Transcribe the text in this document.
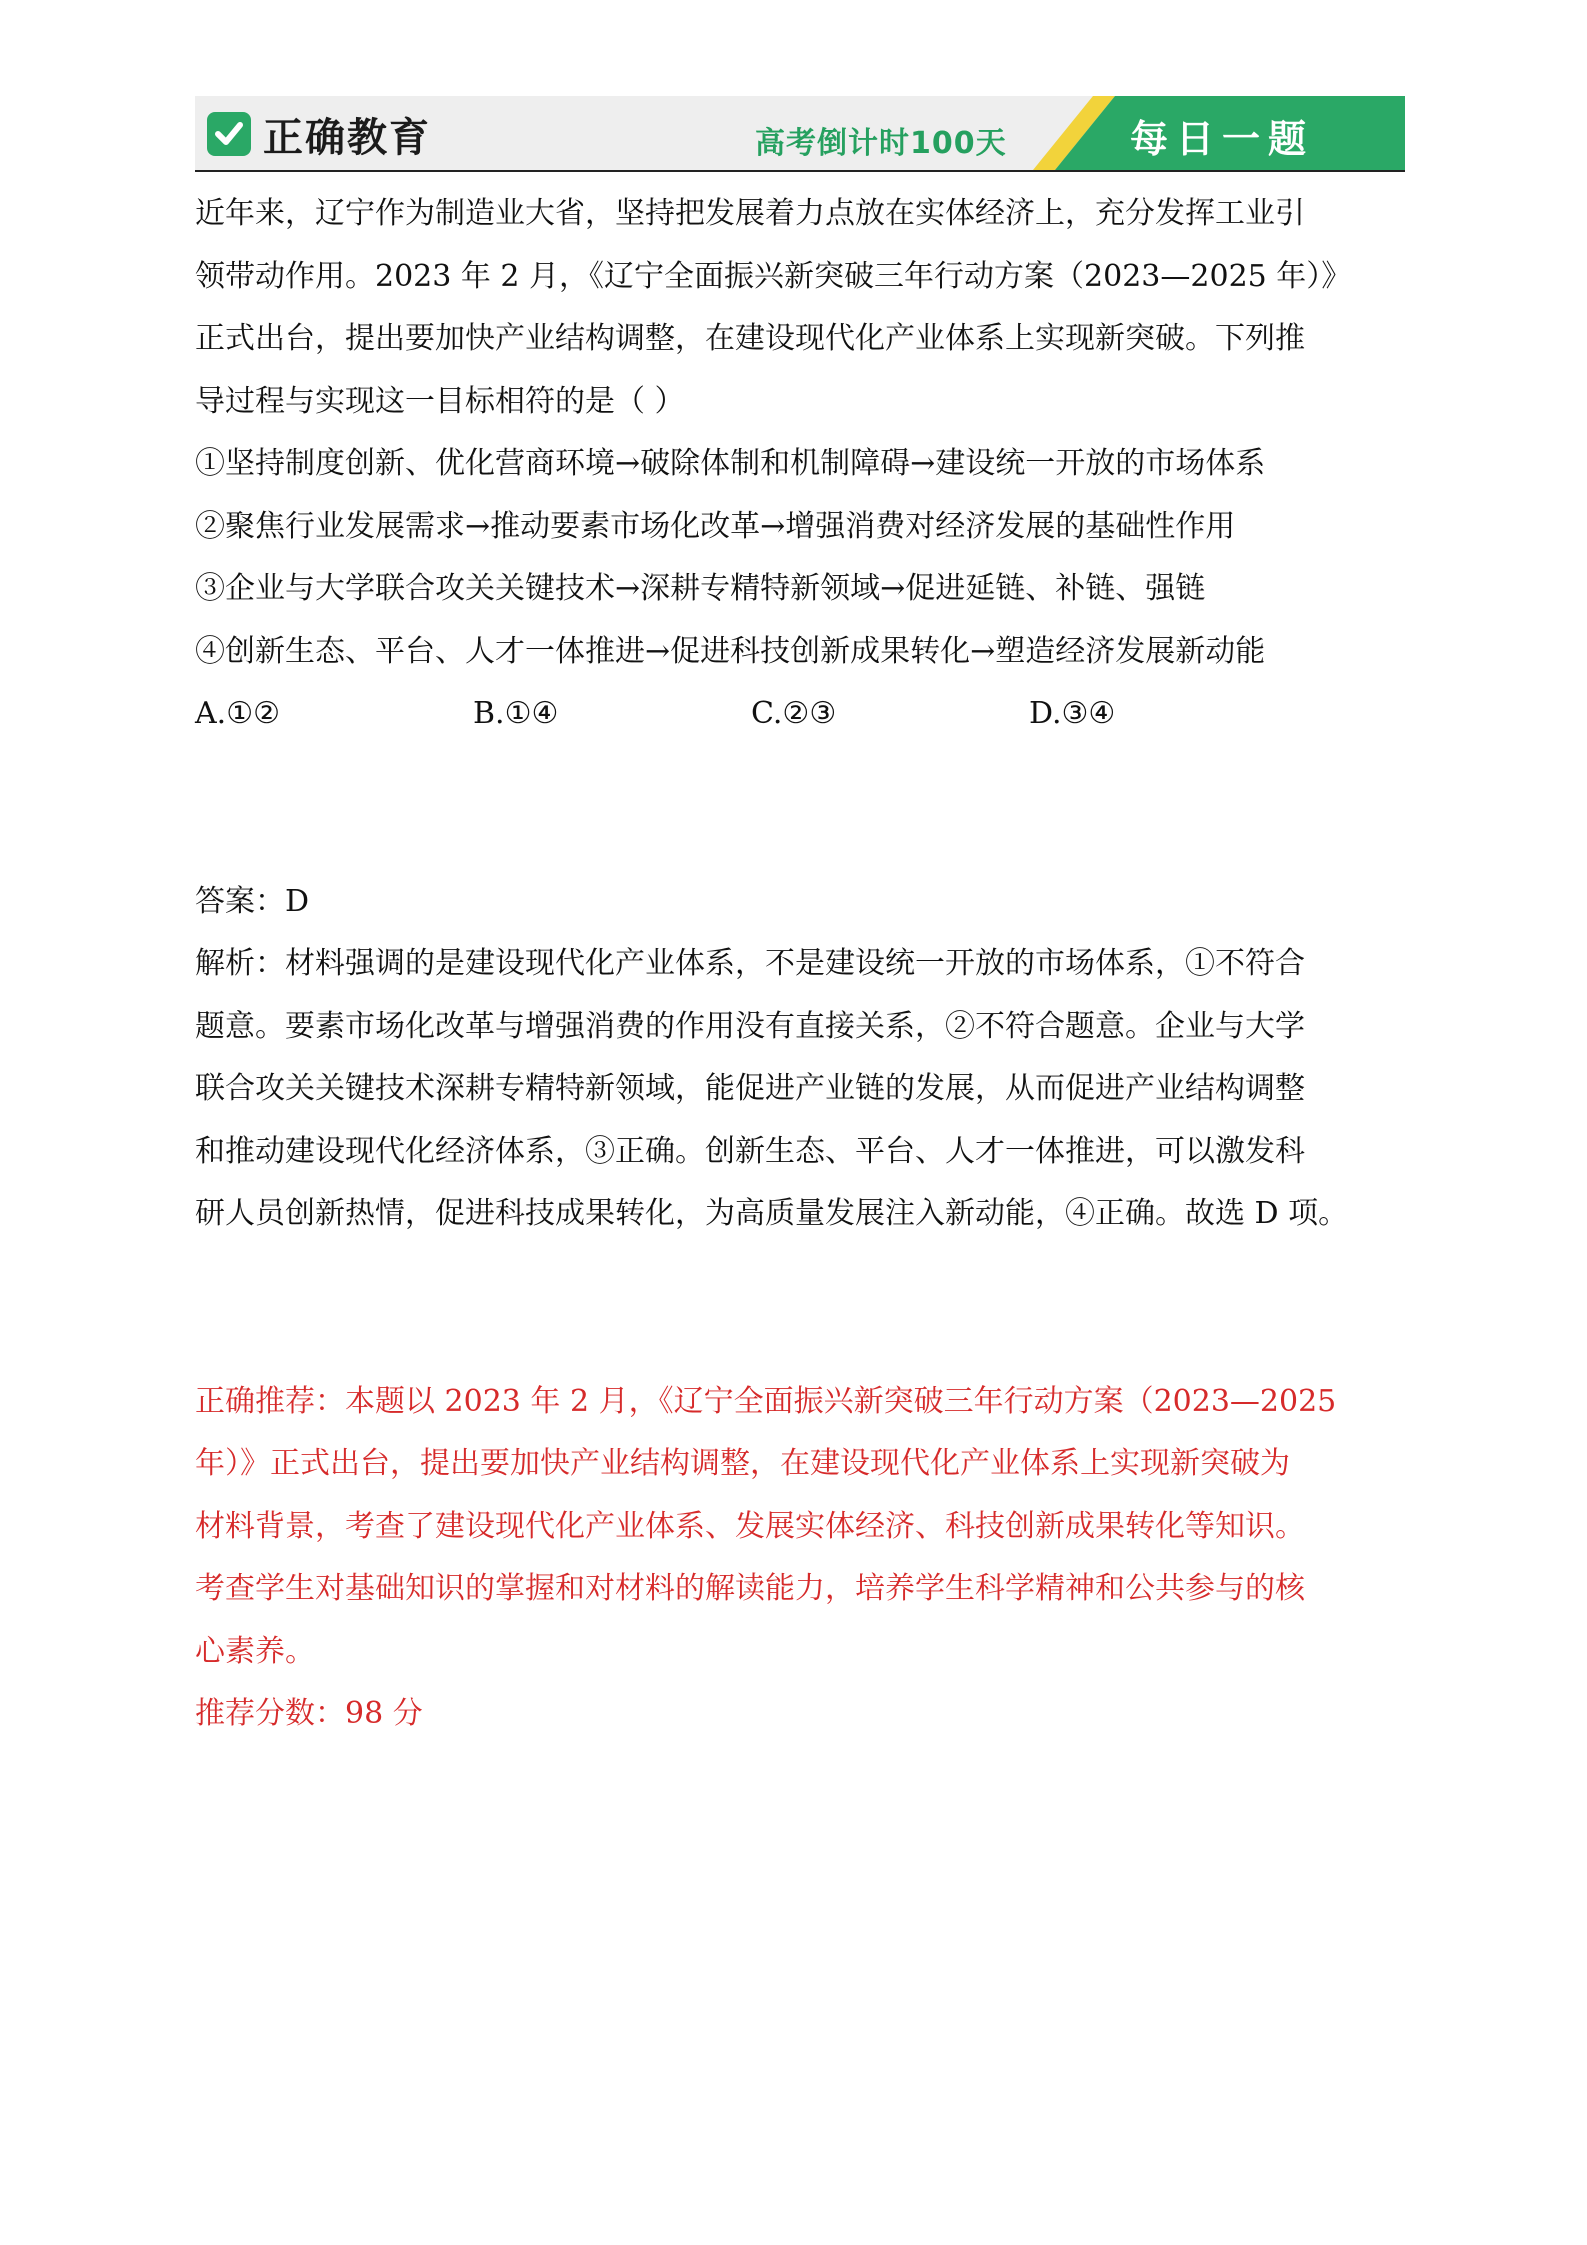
正确教育	高考倒计时100天	每日一题

近年来，辽宁作为制造业大省，坚持把发展着力点放在实体经济上，充分发挥工业引

领带动作用。2023 年 2 月，《辽宁全面振兴新突破三年行动方案（2023—2025 年）》

正式出台，提出要加快产业结构调整，在建设现代化产业体系上实现新突破。下列推

导过程与实现这一目标相符的是（ ）

①坚持制度创新、优化营商环境→破除体制和机制障碍→建设统一开放的市场体系

②聚焦行业发展需求→推动要素市场化改革→增强消费对经济发展的基础性作用

③企业与大学联合攻关关键技术→深耕专精特新领域→促进延链、补链、强链

④创新生态、平台、人才一体推进→促进科技创新成果转化→塑造经济发展新动能

A.①②	B.①④	C.②③	D.③④

答案：D

解析：材料强调的是建设现代化产业体系，不是建设统一开放的市场体系，①不符合

题意。要素市场化改革与增强消费的作用没有直接关系，②不符合题意。企业与大学

联合攻关关键技术深耕专精特新领域，能促进产业链的发展，从而促进产业结构调整

和推动建设现代化经济体系，③正确。创新生态、平台、人才一体推进，可以激发科

研人员创新热情，促进科技成果转化，为高质量发展注入新动能，④正确。故选 D 项。

正确推荐：本题以 2023 年 2 月，《辽宁全面振兴新突破三年行动方案（2023—2025

年）》正式出台，提出要加快产业结构调整，在建设现代化产业体系上实现新突破为

材料背景，考查了建设现代化产业体系、发展实体经济、科技创新成果转化等知识。

考查学生对基础知识的掌握和对材料的解读能力，培养学生科学精神和公共参与的核

心素养。

推荐分数：98 分
